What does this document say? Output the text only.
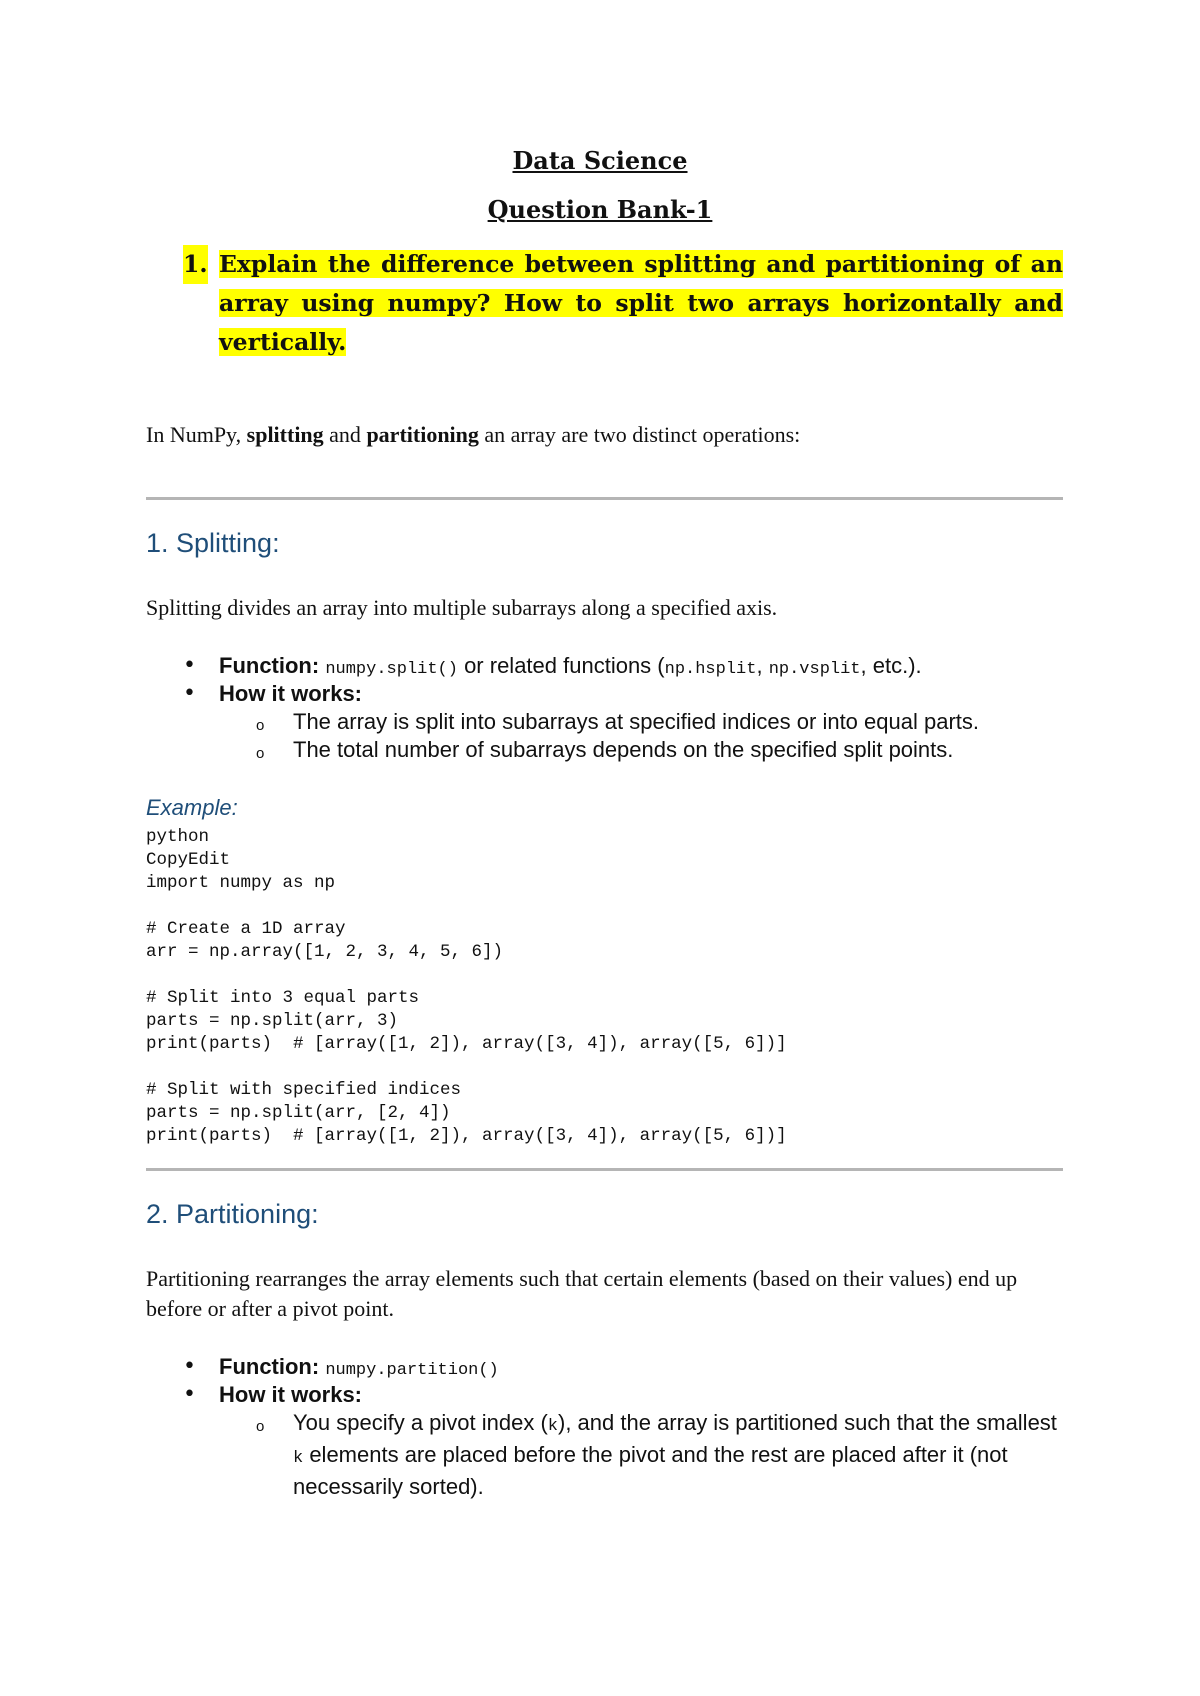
Data Science
Question Bank-1
1. Explain the difference between splitting and partitioning of an
array using numpy? How to split two arrays horizontally and
vertically.
In NumPy, splitting and partitioning an array are two distinct operations:
1. Splitting:
Splitting divides an array into multiple subarrays along a specified axis.
• Function: numpy.split() or related functions (np.hsplit, np.vsplit, etc.).
• How it works:
o The array is split into subarrays at specified indices or into equal parts.
o The total number of subarrays depends on the specified split points.
Example:
python
CopyEdit
import numpy as np

# Create a 1D array
arr = np.array([1, 2, 3, 4, 5, 6])

# Split into 3 equal parts
parts = np.split(arr, 3)
print(parts)  # [array([1, 2]), array([3, 4]), array([5, 6])]

# Split with specified indices
parts = np.split(arr, [2, 4])
print(parts)  # [array([1, 2]), array([3, 4]), array([5, 6])]
2. Partitioning:
Partitioning rearranges the array elements such that certain elements (based on their values) end up before or after a pivot point.
• Function: numpy.partition()
• How it works:
o You specify a pivot index (k), and the array is partitioned such that the smallest k elements are placed before the pivot and the rest are placed after it (not necessarily sorted).
